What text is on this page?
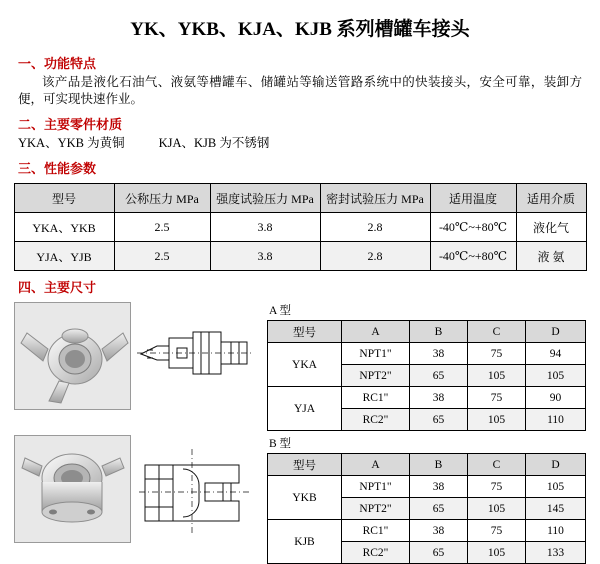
YK、YKB、KJA、KJB 系列槽罐车接头
一、功能特点
该产品是液化石油气、液氨等槽罐车、储罐站等输送管路系统中的快装接头，安全可靠，装卸方便，可实现快速作业。
二、主要零件材质
YKA、YKB 为黄铜	KJA、KJB 为不锈钢
三、性能参数
型号	公称压力 MPa	强度试验压力 MPa	密封试验压力 MPa	适用温度	适用介质
YKA、YKB	2.5	3.8	2.8	-40℃~+80℃	液化气
YJA、YJB	2.5	3.8	2.8	-40℃~+80℃	液 氨
四、主要尺寸
A 型
型号	A	B	C	D
YKA	NPT1"	38	75	94
	NPT2"	65	105	105
YJA	RC1"	38	75	90
	RC2"	65	105	110
B 型
型号	A	B	C	D
YKB	NPT1"	38	75	105
	NPT2"	65	105	145
KJB	RC1"	38	75	110
	RC2"	65	105	133
